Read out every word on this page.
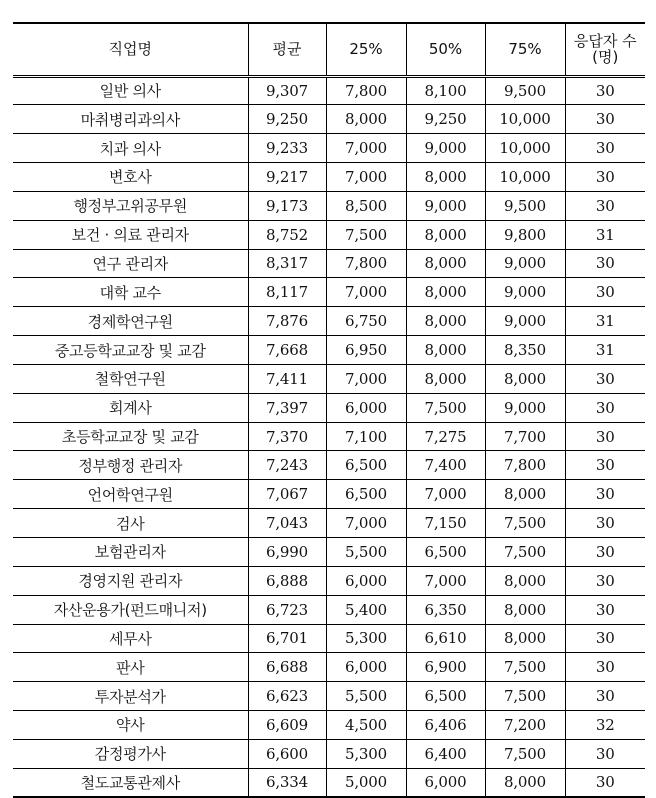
직업명	평균	25%	50%	75%	응답자 수
(명)
일반 의사	9,307	7,800	8,100	9,500	30
마취병리과의사	9,250	8,000	9,250	10,000	30
치과 의사	9,233	7,000	9,000	10,000	30
변호사	9,217	7,000	8,000	10,000	30
행정부고위공무원	9,173	8,500	9,000	9,500	30
보건 · 의료 관리자	8,752	7,500	8,000	9,800	31
연구 관리자	8,317	7,800	8,000	9,000	30
대학 교수	8,117	7,000	8,000	9,000	30
경제학연구원	7,876	6,750	8,000	9,000	31
중고등학교교장 및 교감	7,668	6,950	8,000	8,350	31
철학연구원	7,411	7,000	8,000	8,000	30
회계사	7,397	6,000	7,500	9,000	30
초등학교교장 및 교감	7,370	7,100	7,275	7,700	30
정부행정 관리자	7,243	6,500	7,400	7,800	30
언어학연구원	7,067	6,500	7,000	8,000	30
검사	7,043	7,000	7,150	7,500	30
보험관리자	6,990	5,500	6,500	7,500	30
경영지원 관리자	6,888	6,000	7,000	8,000	30
자산운용가(펀드매니저)	6,723	5,400	6,350	8,000	30
세무사	6,701	5,300	6,610	8,000	30
판사	6,688	6,000	6,900	7,500	30
투자분석가	6,623	5,500	6,500	7,500	30
약사	6,609	4,500	6,406	7,200	32
감정평가사	6,600	5,300	6,400	7,500	30
철도교통관제사	6,334	5,000	6,000	8,000	30
